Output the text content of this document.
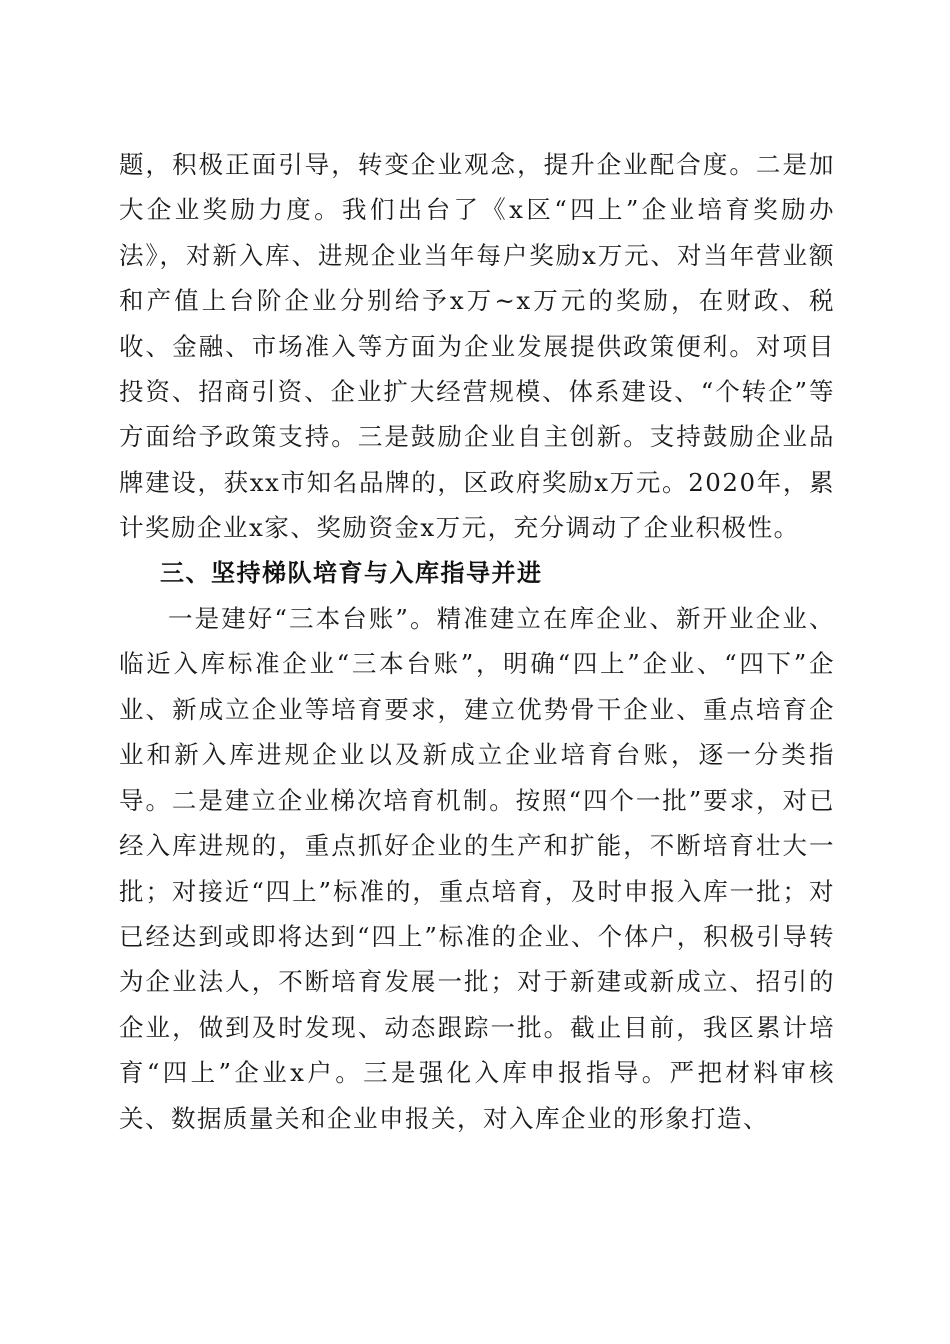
题，积极正面引导，转变企业观念，提升企业配合度。二是加大企业奖励力度。我们出台了《x区“四上”企业培育奖励办法》，对新入库、进规企业当年每户奖励x万元、对当年营业额和产值上台阶企业分别给予x万~x万元的奖励，在财政、税收、金融、市场准入等方面为企业发展提供政策便利。对项目投资、招商引资、企业扩大经营规模、体系建设、“个转企”等方面给予政策支持。三是鼓励企业自主创新。支持鼓励企业品牌建设，获xx市知名品牌的，区政府奖励x万元。2020年，累计奖励企业x家、奖励资金x万元，充分调动了企业积极性。

三、坚持梯队培育与入库指导并进

一是建好“三本台账”。精准建立在库企业、新开业企业、临近入库标准企业“三本台账”，明确“四上”企业、“四下”企业、新成立企业等培育要求，建立优势骨干企业、重点培育企业和新入库进规企业以及新成立企业培育台账，逐一分类指导。二是建立企业梯次培育机制。按照“四个一批”要求，对已经入库进规的，重点抓好企业的生产和扩能，不断培育壮大一批；对接近“四上”标准的，重点培育，及时申报入库一批；对已经达到或即将达到“四上”标准的企业、个体户，积极引导转为企业法人，不断培育发展一批；对于新建或新成立、招引的企业，做到及时发现、动态跟踪一批。截止目前，我区累计培育“四上”企业x户。三是强化入库申报指导。严把材料审核关、数据质量关和企业申报关，对入库企业的形象打造、
